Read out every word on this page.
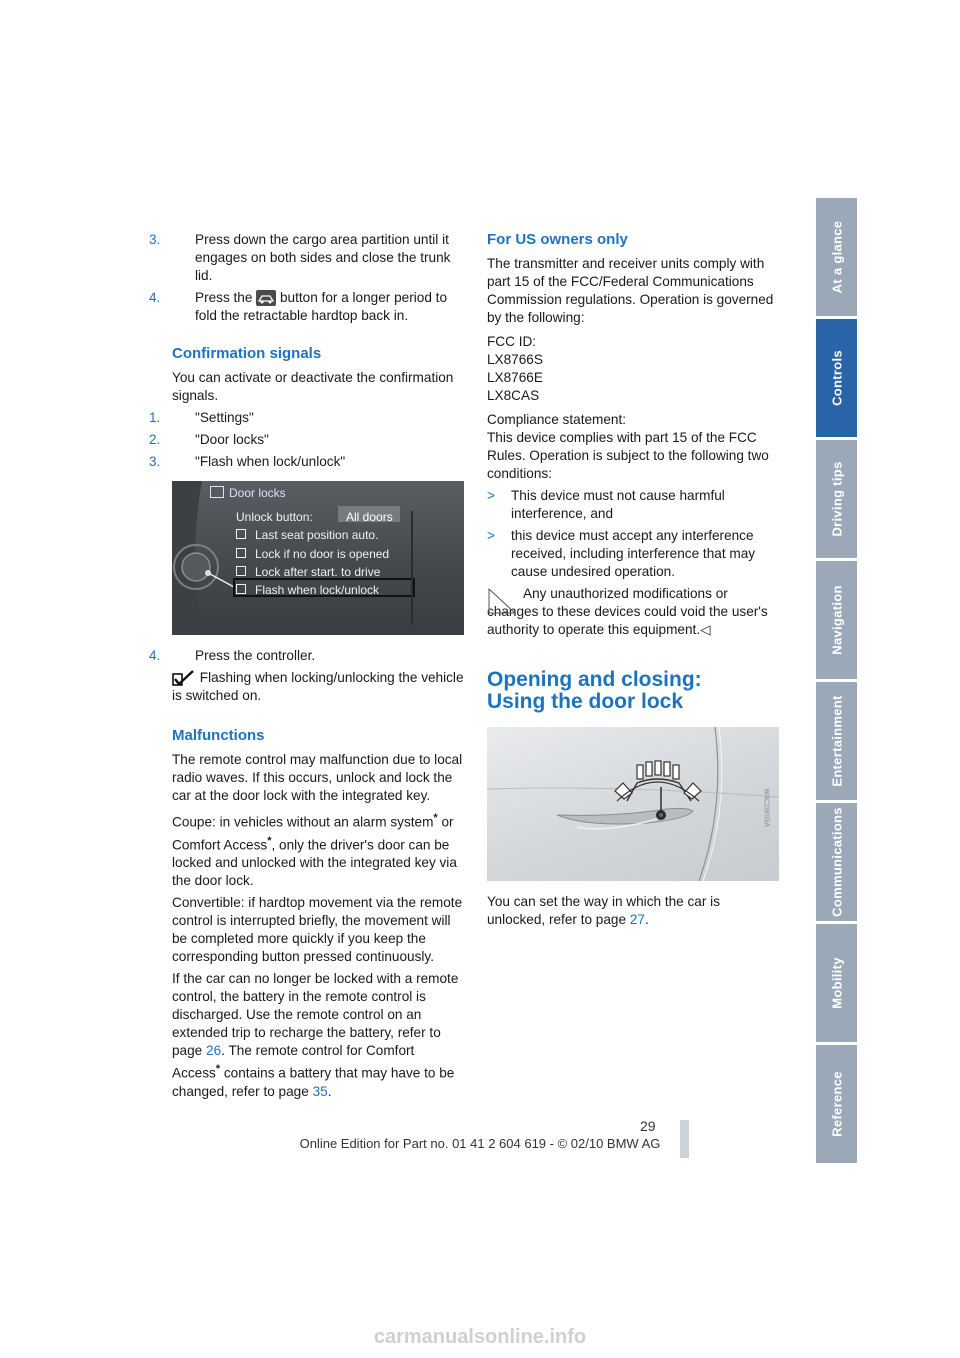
3.	Press down the cargo area partition until it engages on both sides and close the trunk lid.

4.	Press the button for a longer period to fold the retractable hardtop back in.

Confirmation signals

You can activate or deactivate the confirmation signals.

1.	"Settings"

2.	"Door locks"

3.	"Flash when lock/unlock"

Door locks
Unlock button:	All doors
Last seat position auto.
Lock if no door is opened
Lock after start. to drive
Flash when lock/unlock

4.	Press the controller.

Flashing when locking/unlocking the vehicle is switched on.

Malfunctions

The remote control may malfunction due to local radio waves. If this occurs, unlock and lock the car at the door lock with the integrated key.

Coupe: in vehicles without an alarm system* or Comfort Access*, only the driver's door can be locked and unlocked with the integrated key via the door lock.

Convertible: if hardtop movement via the remote control is interrupted briefly, the movement will be completed more quickly if you keep the corresponding button pressed continuously.

If the car can no longer be locked with a remote control, the battery in the remote control is discharged. Use the remote control on an extended trip to recharge the battery, refer to page 26. The remote control for Comfort Access* contains a battery that may have to be changed, refer to page 35.

For US owners only

The transmitter and receiver units comply with part 15 of the FCC/Federal Communications Commission regulations. Operation is governed by the following:

FCC ID:
LX8766S
LX8766E
LX8CAS

Compliance statement:
This device complies with part 15 of the FCC Rules. Operation is subject to the following two conditions:

> This device must not cause harmful interference, and

> this device must accept any interference received, including interference that may cause undesired operation.

Any unauthorized modifications or changes to these devices could void the user's authority to operate this equipment.◁

Opening and closing:
Using the door lock
W4C29IS5A

You can set the way in which the car is unlocked, refer to page 27.

At a glance
Controls
Driving tips
Navigation
Entertainment
Communications
Mobility
Reference
29
Online Edition for Part no. 01 41 2 604 619 - © 02/10 BMW AG
carmanualsonline.info
